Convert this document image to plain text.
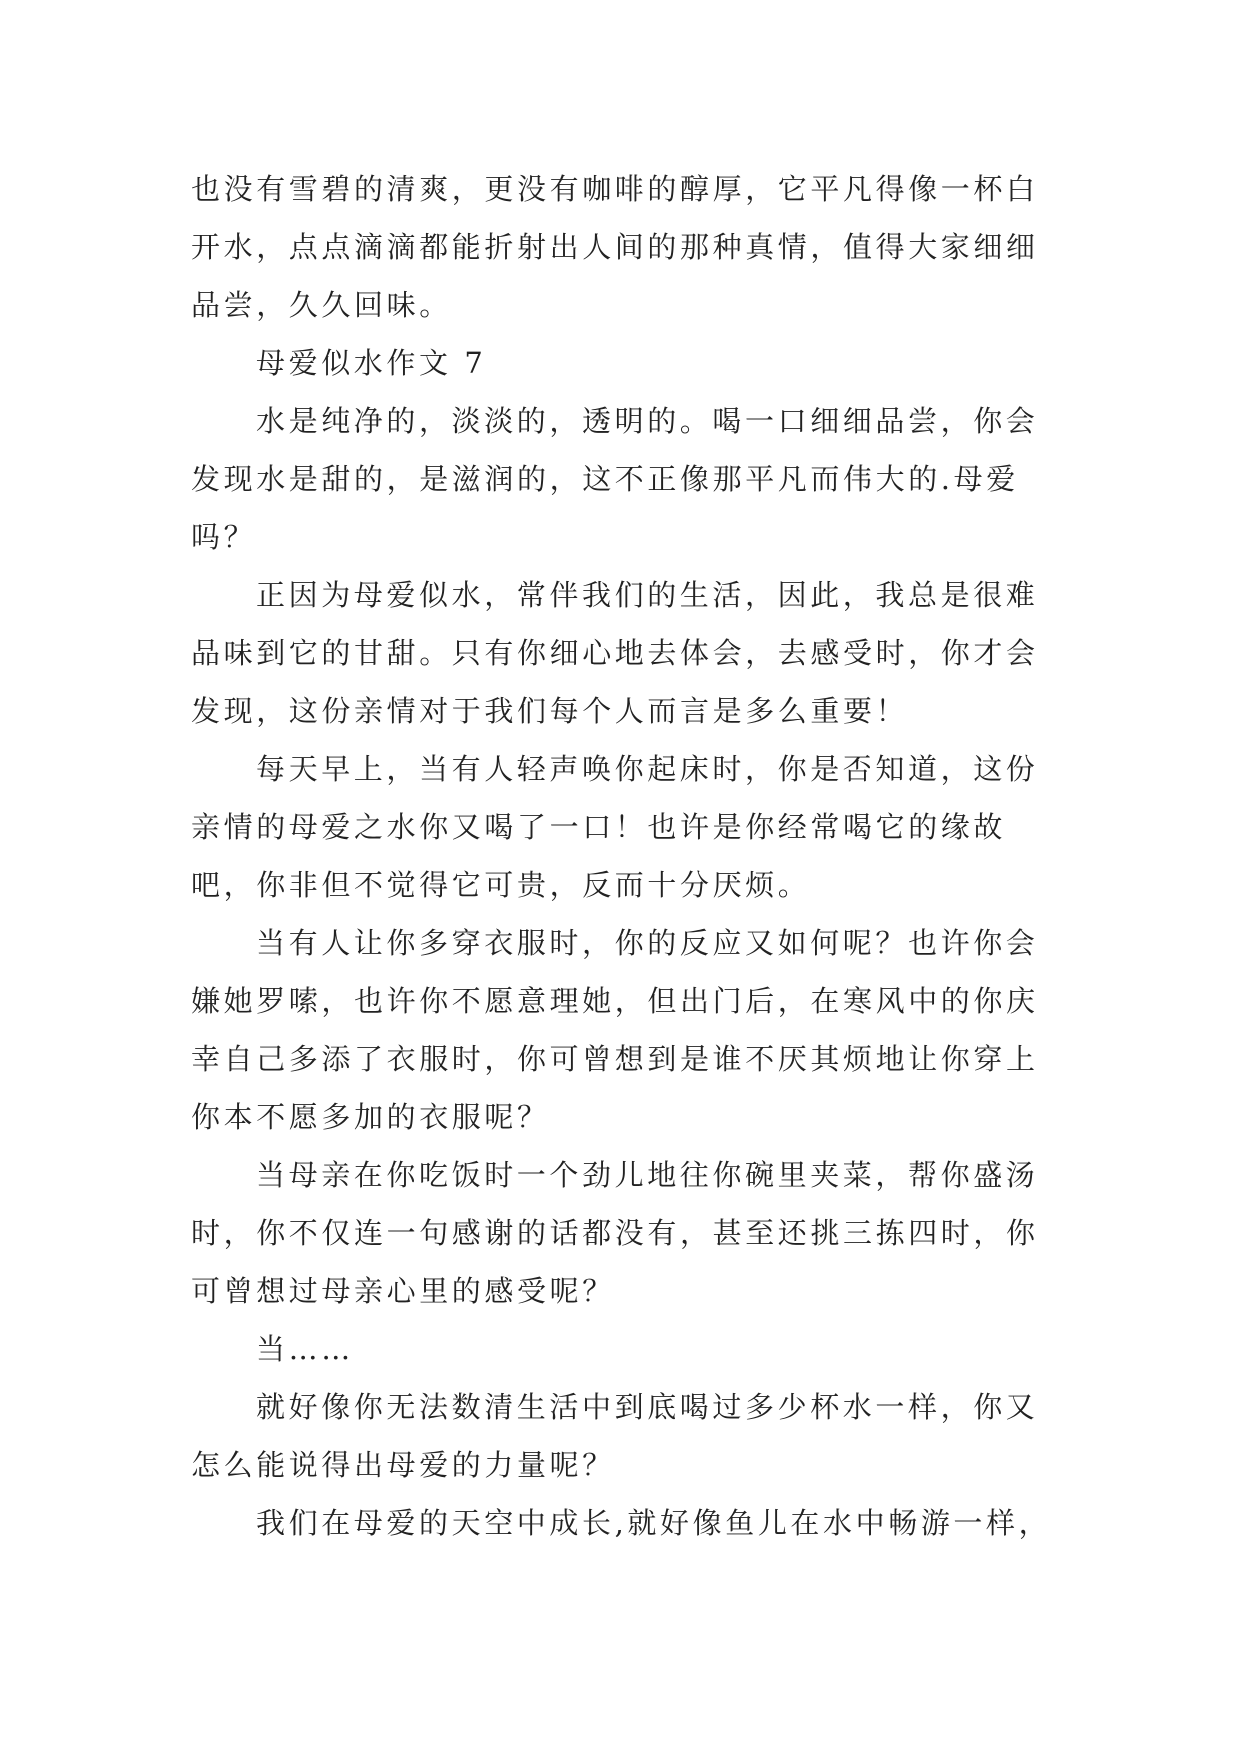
也没有雪碧的清爽，更没有咖啡的醇厚，它平凡得像一杯白
开水，点点滴滴都能折射出人间的那种真情，值得大家细细
品尝，久久回味。
母爱似水作文 7
水是纯净的，淡淡的，透明的。喝一口细细品尝，你会
发现水是甜的，是滋润的，这不正像那平凡而伟大的.母爱
吗？
正因为母爱似水，常伴我们的生活，因此，我总是很难
品味到它的甘甜。只有你细心地去体会，去感受时，你才会
发现，这份亲情对于我们每个人而言是多么重要！
每天早上，当有人轻声唤你起床时，你是否知道，这份
亲情的母爱之水你又喝了一口！也许是你经常喝它的缘故
吧，你非但不觉得它可贵，反而十分厌烦。
当有人让你多穿衣服时，你的反应又如何呢？也许你会
嫌她罗嗦，也许你不愿意理她，但出门后，在寒风中的你庆
幸自己多添了衣服时，你可曾想到是谁不厌其烦地让你穿上
你本不愿多加的衣服呢？
当母亲在你吃饭时一个劲儿地往你碗里夹菜，帮你盛汤
时，你不仅连一句感谢的话都没有，甚至还挑三拣四时，你
可曾想过母亲心里的感受呢？
当……
就好像你无法数清生活中到底喝过多少杯水一样，你又
怎么能说得出母爱的力量呢？
我们在母爱的天空中成长,就好像鱼儿在水中畅游一样，
